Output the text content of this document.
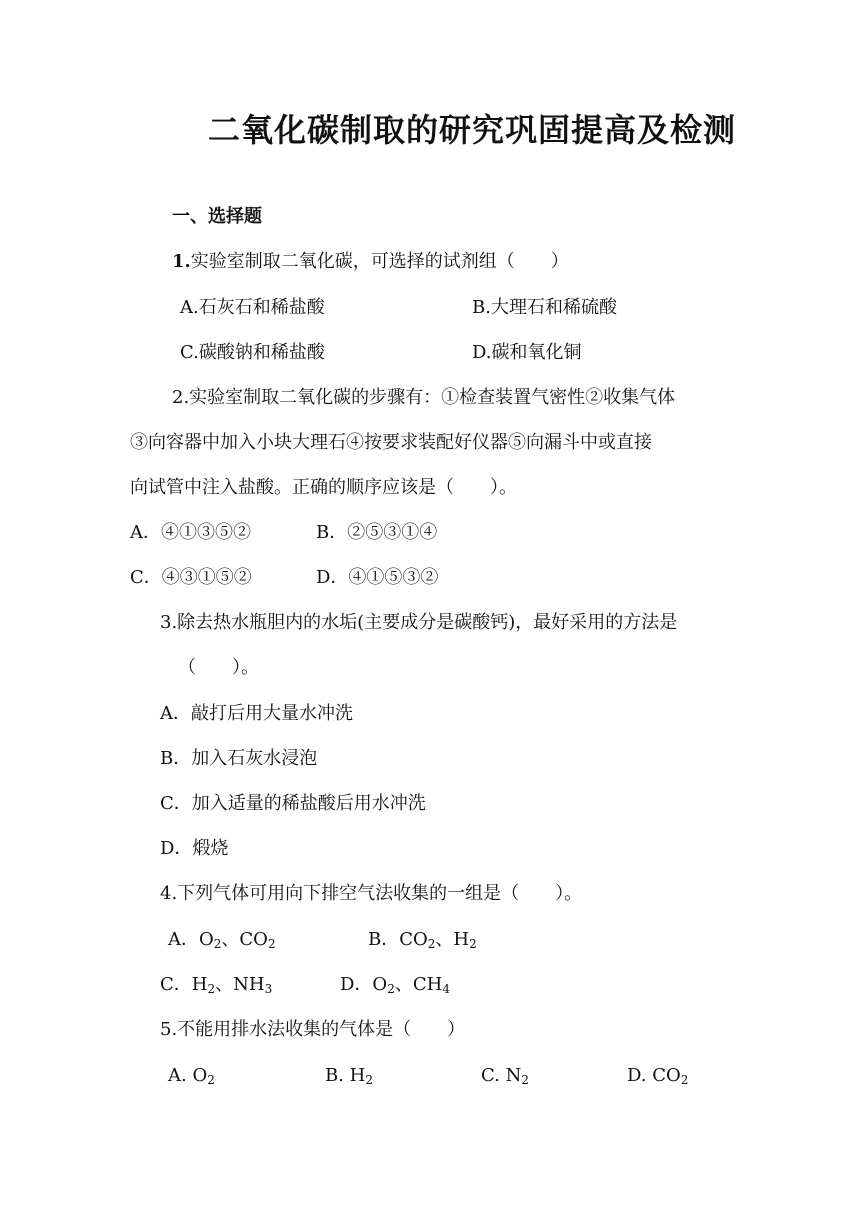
二氧化碳制取的研究巩固提高及检测
一、选择题
1.实验室制取二氧化碳，可选择的试剂组（　　）
A.石灰石和稀盐酸	B.大理石和稀硫酸
C.碳酸钠和稀盐酸	D.碳和氧化铜
2.实验室制取二氧化碳的步骤有：①检查装置气密性②收集气体
③向容器中加入小块大理石④按要求装配好仪器⑤向漏斗中或直接
向试管中注入盐酸。正确的顺序应该是（　　）。
A．④①③⑤②	B．②⑤③①④
C．④③①⑤②	D．④①⑤③②
3.除去热水瓶胆内的水垢(主要成分是碳酸钙)，最好采用的方法是
（　　）。
A．敲打后用大量水冲洗
B．加入石灰水浸泡
C．加入适量的稀盐酸后用水冲洗
D．煅烧
4.下列气体可用向下排空气法收集的一组是（　　）。
A．$O_2$、$CO_2$	B．$CO_2$、$H_2$
C．$H_2$、$NH_3$	D．$O_2$、$CH_4$
5.不能用排水法收集的气体是（　　）
A. $O_2$	B. $H_2$	C. $N_2$	D. $CO_2$
